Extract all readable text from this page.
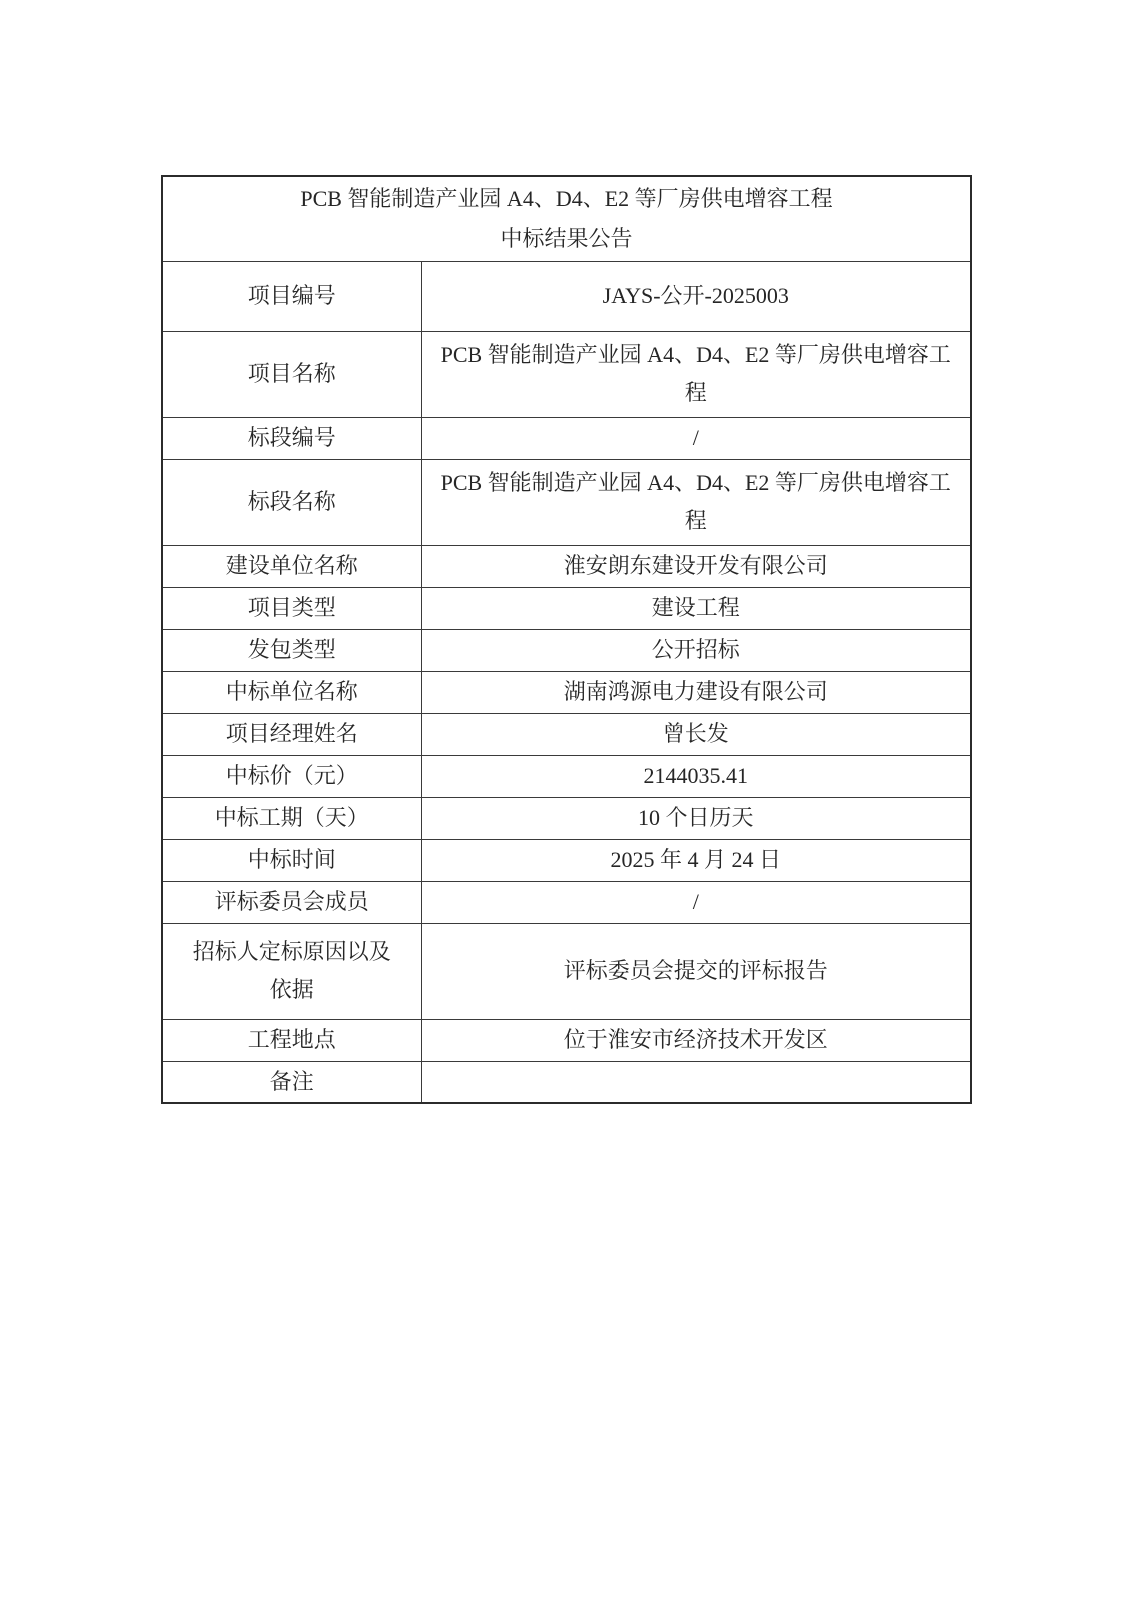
PCB 智能制造产业园 A4、D4、E2 等厂房供电增容工程
中标结果公告	

项目编号	JAYS-公开-2025003
项目名称	PCB 智能制造产业园 A4、D4、E2 等厂房供电增容工程
标段编号	/
标段名称	PCB 智能制造产业园 A4、D4、E2 等厂房供电增容工程
建设单位名称	淮安朗东建设开发有限公司
项目类型	建设工程
发包类型	公开招标
中标单位名称	湖南鸿源电力建设有限公司
项目经理姓名	曾长发
中标价（元）	2144035.41
中标工期（天）	10 个日历天
中标时间	2025 年 4 月 24 日
评标委员会成员	/
招标人定标原因以及依据	评标委员会提交的评标报告
工程地点	位于淮安市经济技术开发区
备注	
